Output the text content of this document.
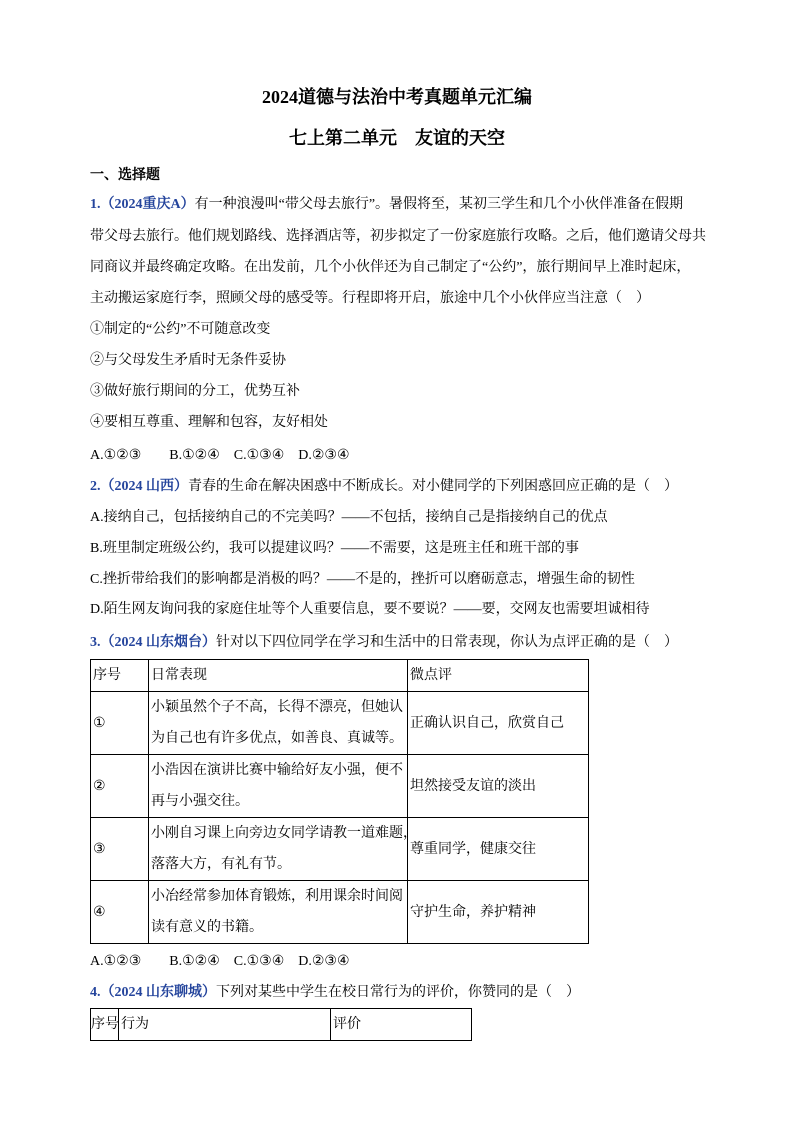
2024道德与法治中考真题单元汇编
七上第二单元　友谊的天空
一、选择题
1.（2024重庆A）有一种浪漫叫“带父母去旅行”。暑假将至，某初三学生和几个小伙伴准备在假期
带父母去旅行。他们规划路线、选择酒店等，初步拟定了一份家庭旅行攻略。之后，他们邀请父母共
同商议并最终确定攻略。在出发前，几个小伙伴还为自己制定了“公约”，旅行期间早上准时起床，
主动搬运家庭行李，照顾父母的感受等。行程即将开启，旅途中几个小伙伴应当注意（　）
①制定的“公约”不可随意改变
②与父母发生矛盾时无条件妥协
③做好旅行期间的分工，优势互补
④要相互尊重、理解和包容，友好相处
A.①②③　　B.①②④　C.①③④　D.②③④
2.（2024 山西）青春的生命在解决困惑中不断成长。对小健同学的下列困惑回应正确的是（　）
A.接纳自己，包括接纳自己的不完美吗？——不包括，接纳自己是指接纳自己的优点
B.班里制定班级公约，我可以提建议吗？——不需要，这是班主任和班干部的事
C.挫折带给我们的影响都是消极的吗？——不是的，挫折可以磨砺意志，增强生命的韧性
D.陌生网友询问我的家庭住址等个人重要信息，要不要说？——要，交网友也需要坦诚相待
3.（2024 山东烟台）针对以下四位同学在学习和生活中的日常表现，你认为点评正确的是（　）
序号	日常表现	微点评
①	小颖虽然个子不高，长得不漂亮，但她认
为自己也有许多优点，如善良、真诚等。	正确认识自己，欣赏自己
②	小浩因在演讲比赛中输给好友小强，便不
再与小强交往。	坦然接受友谊的淡出
③	小刚自习课上向旁边女同学请教一道难题，
落落大方，有礼有节。	尊重同学，健康交往
④	小冶经常参加体育锻炼，利用课余时间阅
读有意义的书籍。	守护生命，养护精神
A.①②③　　B.①②④　C.①③④　D.②③④
4.（2024 山东聊城）下列对某些中学生在校日常行为的评价，你赞同的是（　）
序号	行为	评价
